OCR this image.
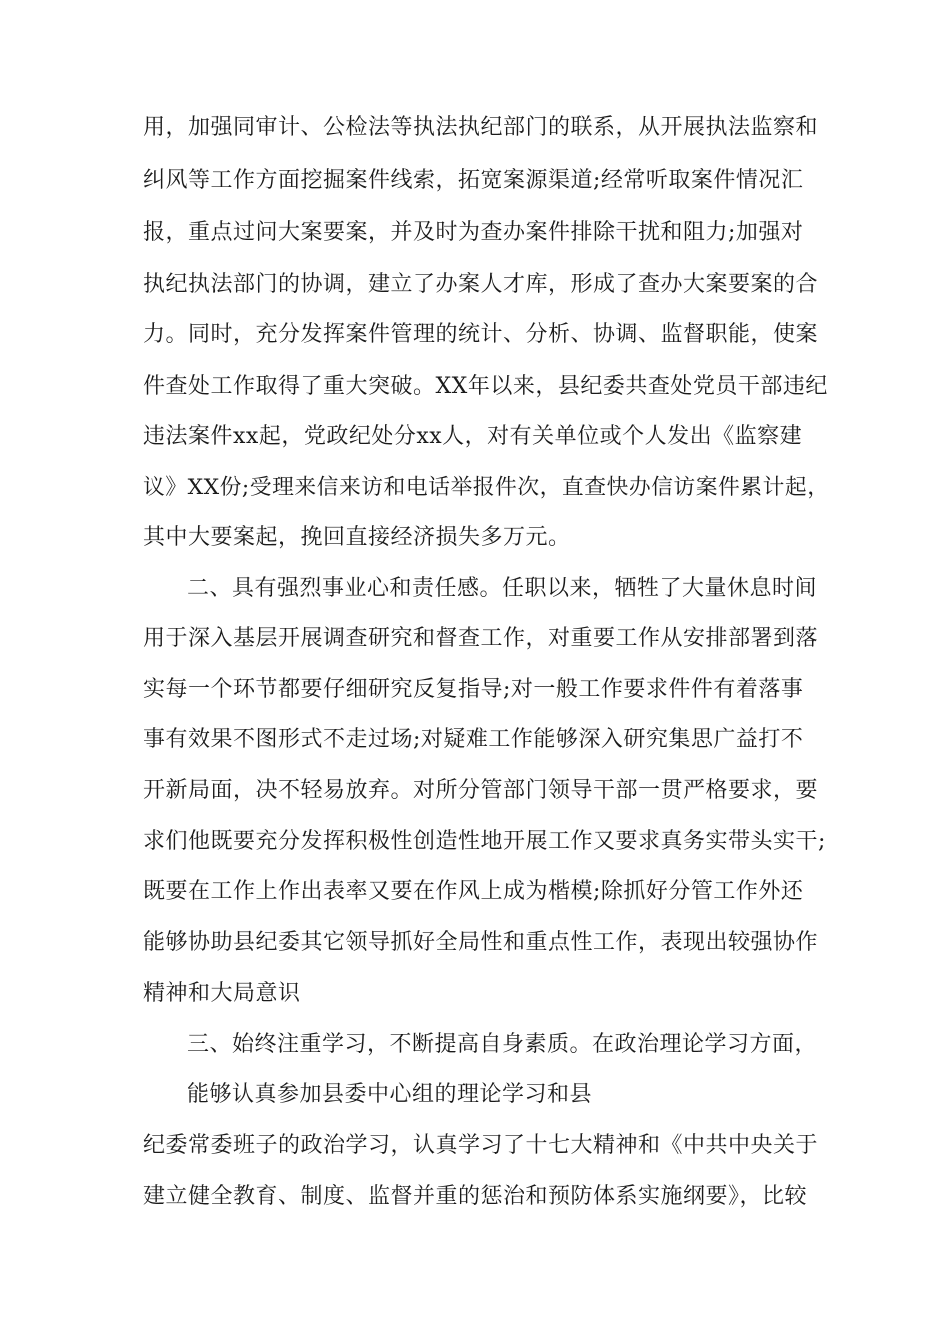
用，加强同审计、公检法等执法执纪部门的联系，从开展执法监察和
纠风等工作方面挖掘案件线索，拓宽案源渠道;经常听取案件情况汇
报，重点过问大案要案，并及时为查办案件排除干扰和阻力;加强对
执纪执法部门的协调，建立了办案人才库，形成了查办大案要案的合
力。同时，充分发挥案件管理的统计、分析、协调、监督职能，使案
件查处工作取得了重大突破。XX年以来，县纪委共查处党员干部违纪
违法案件xx起，党政纪处分xx人，对有关单位或个人发出《监察建
议》XX份;受理来信来访和电话举报件次，直查快办信访案件累计起，
其中大要案起，挽回直接经济损失多万元。
二、具有强烈事业心和责任感。任职以来，牺牲了大量休息时间
用于深入基层开展调查研究和督查工作，对重要工作从安排部署到落
实每一个环节都要仔细研究反复指导;对一般工作要求件件有着落事
事有效果不图形式不走过场;对疑难工作能够深入研究集思广益打不
开新局面，决不轻易放弃。对所分管部门领导干部一贯严格要求，要
求们他既要充分发挥积极性创造性地开展工作又要求真务实带头实干;
既要在工作上作出表率又要在作风上成为楷模;除抓好分管工作外还
能够协助县纪委其它领导抓好全局性和重点性工作，表现出较强协作
精神和大局意识
三、始终注重学习，不断提高自身素质。在政治理论学习方面，
能够认真参加县委中心组的理论学习和县
纪委常委班子的政治学习，认真学习了十七大精神和《中共中央关于
建立健全教育、制度、监督并重的惩治和预防体系实施纲要》，比较
